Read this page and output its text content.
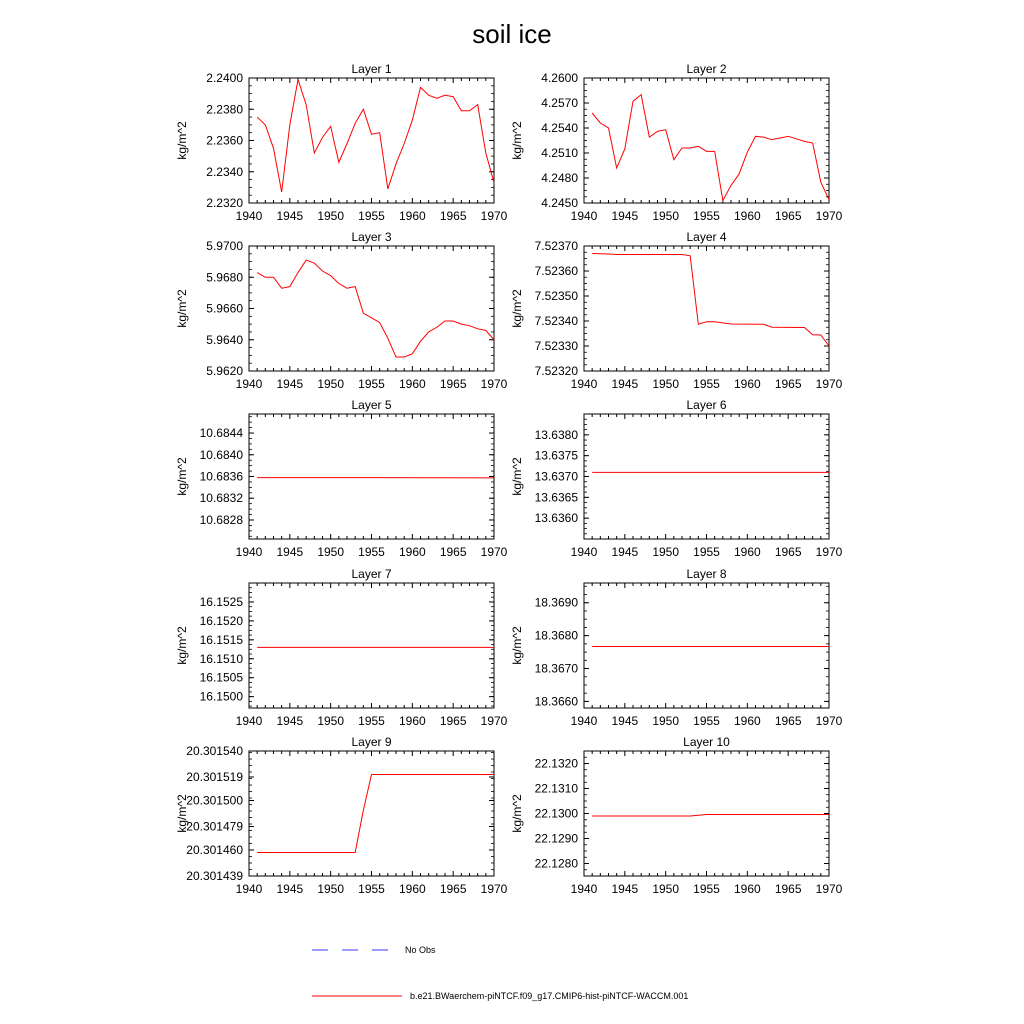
soil ice
Layer 1
kg/m^2
1940 1945 1950 1955 1960 1965 1970
2.2320
2.2340
2.2360
2.2380
2.2400
Layer 2
kg/m^2
1940 1945 1950 1955 1960 1965 1970
4.2450
4.2480
4.2510
4.2540
4.2570
4.2600
Layer 3
kg/m^2
1940 1945 1950 1955 1960 1965 1970
5.9620
5.9640
5.9660
5.9680
5.9700
Layer 4
kg/m^2
1940 1945 1950 1955 1960 1965 1970
7.52320
7.52330
7.52340
7.52350
7.52360
7.52370
Layer 5
kg/m^2
1940 1945 1950 1955 1960 1965 1970
10.6828
10.6832
10.6836
10.6840
10.6844
Layer 6
kg/m^2
1940 1945 1950 1955 1960 1965 1970
13.6360
13.6365
13.6370
13.6375
13.6380
Layer 7
kg/m^2
1940 1945 1950 1955 1960 1965 1970
16.1500
16.1505
16.1510
16.1515
16.1520
16.1525
Layer 8
kg/m^2
1940 1945 1950 1955 1960 1965 1970
18.3660
18.3670
18.3680
18.3690
Layer 9
kg/m^2
1940 1945 1950 1955 1960 1965 1970
20.301439
20.301460
20.301479
20.301500
20.301519
20.301540
Layer 10
kg/m^2
1940 1945 1950 1955 1960 1965 1970
22.1280
22.1290
22.1300
22.1310
22.1320
No Obs
b.e21.BWaerchem-piNTCF.f09_g17.CMIP6-hist-piNTCF-WACCM.001
